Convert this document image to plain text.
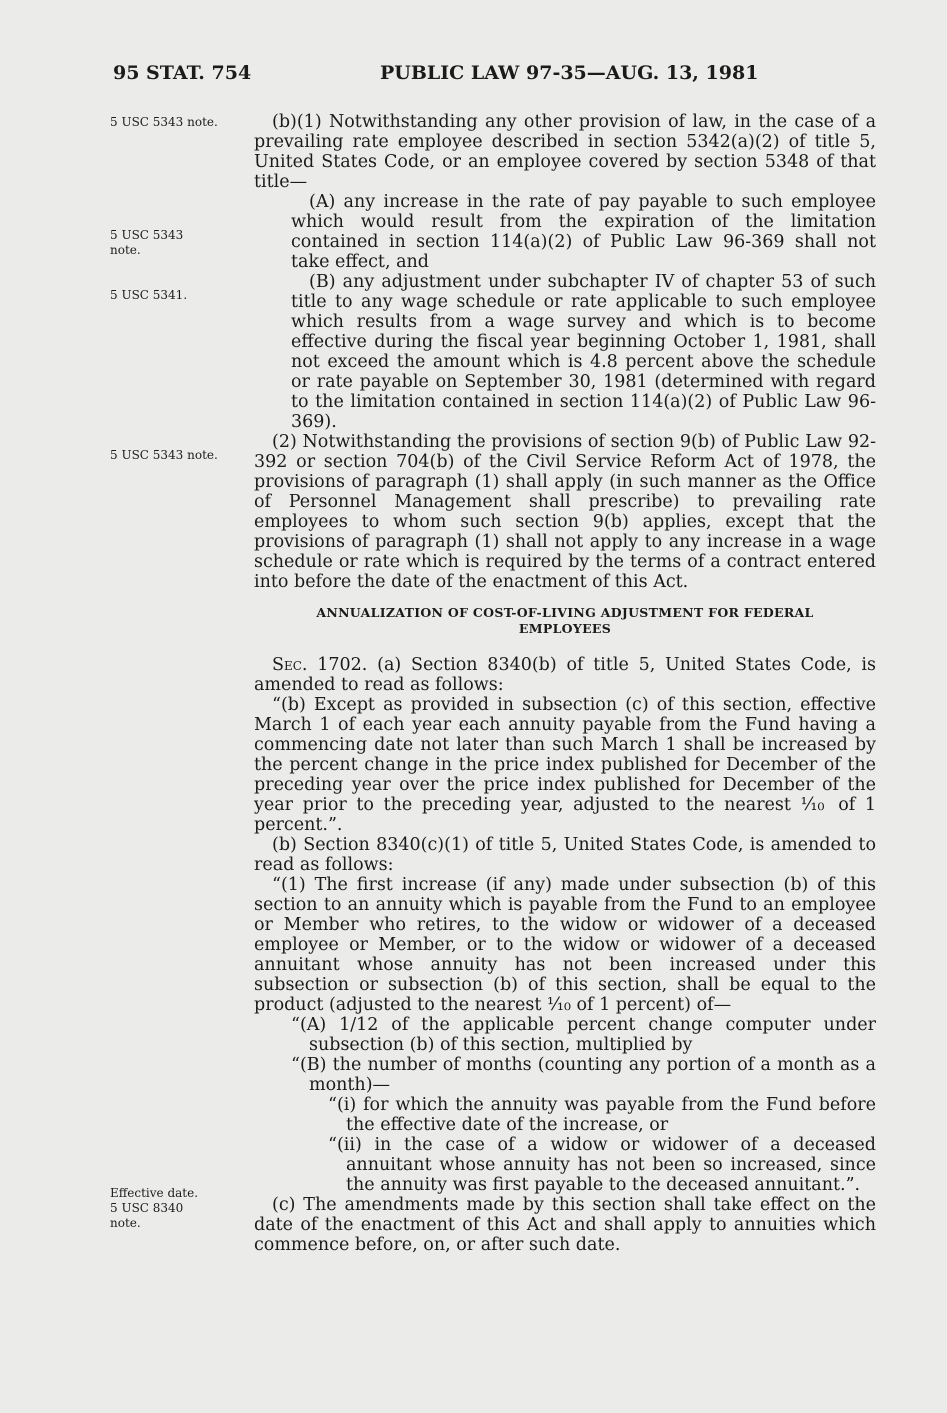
95 STAT. 754	PUBLIC LAW 97-35—AUG. 13, 1981
5 USC 5343 note.
5 USC 5343
note.
5 USC 5341.
5 USC 5343 note.
Effective date.
5 USC 8340
note.

(b)(1) Notwithstanding any other provision of law, in the case of a prevailing rate employee described in section 5342(a)(2) of title 5, United States Code, or an employee covered by section 5348 of that title—

(A) any increase in the rate of pay payable to such employee which would result from the expiration of the limitation contained in section 114(a)(2) of Public Law 96-369 shall not take effect, and

(B) any adjustment under subchapter IV of chapter 53 of such title to any wage schedule or rate applicable to such employee which results from a wage survey and which is to become effective during the fiscal year beginning October 1, 1981, shall not exceed the amount which is 4.8 percent above the schedule or rate payable on September 30, 1981 (determined with regard to the limitation contained in section 114(a)(2) of Public Law 96-369).

(2) Notwithstanding the provisions of section 9(b) of Public Law 92-392 or section 704(b) of the Civil Service Reform Act of 1978, the provisions of paragraph (1) shall apply (in such manner as the Office of Personnel Management shall prescribe) to prevailing rate employees to whom such section 9(b) applies, except that the provisions of paragraph (1) shall not apply to any increase in a wage schedule or rate which is required by the terms of a contract entered into before the date of the enactment of this Act.

ANNUALIZATION OF COST-OF-LIVING ADJUSTMENT FOR FEDERAL
EMPLOYEES

Sec. 1702. (a) Section 8340(b) of title 5, United States Code, is amended to read as follows:

“(b) Except as provided in subsection (c) of this section, effective March 1 of each year each annuity payable from the Fund having a commencing date not later than such March 1 shall be increased by the percent change in the price index published for December of the preceding year over the price index published for December of the year prior to the preceding year, adjusted to the nearest ⅒ of 1 percent.”.

(b) Section 8340(c)(1) of title 5, United States Code, is amended to read as follows:

“(1) The first increase (if any) made under subsection (b) of this section to an annuity which is payable from the Fund to an employee or Member who retires, to the widow or widower of a deceased employee or Member, or to the widow or widower of a deceased annuitant whose annuity has not been increased under this subsection or subsection (b) of this section, shall be equal to the product (adjusted to the nearest ⅒ of 1 percent) of—

“(A) 1/12 of the applicable percent change computer under subsection (b) of this section, multiplied by

“(B) the number of months (counting any portion of a month as a month)—

“(i) for which the annuity was payable from the Fund before the effective date of the increase, or

“(ii) in the case of a widow or widower of a deceased annuitant whose annuity has not been so increased, since the annuity was first payable to the deceased annuitant.”.

(c) The amendments made by this section shall take effect on the date of the enactment of this Act and shall apply to annuities which commence before, on, or after such date.
